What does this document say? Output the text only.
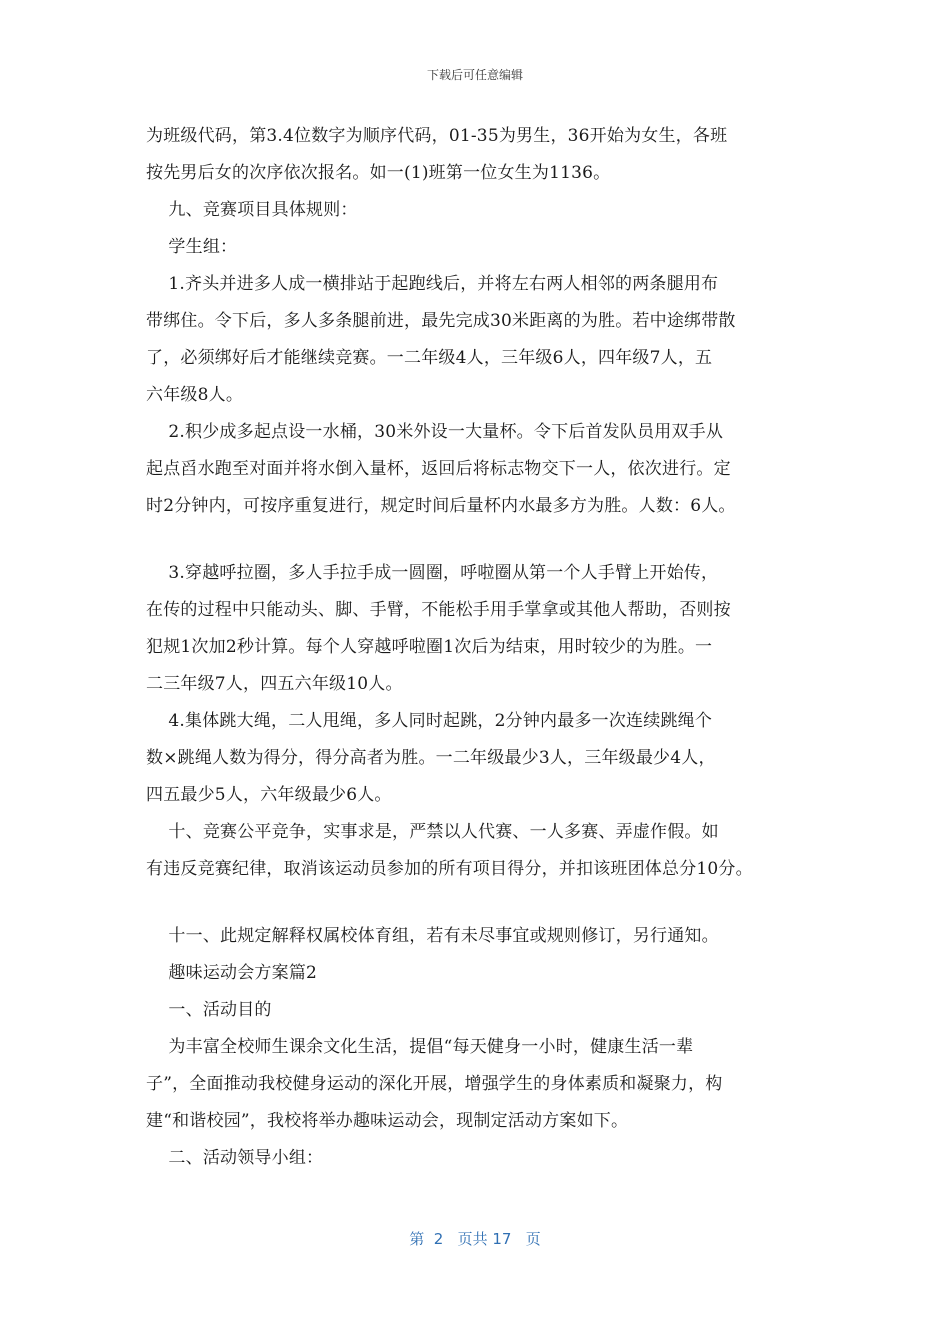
下载后可任意编辑

为班级代码，第3.4位数字为顺序代码，01-35为男生，36开始为女生，各班

按先男后女的次序依次报名。如一(1)班第一位女生为1136。

九、竞赛项目具体规则：

学生组：

1.齐头并进多人成一横排站于起跑线后，并将左右两人相邻的两条腿用布

带绑住。令下后，多人多条腿前进，最先完成30米距离的为胜。若中途绑带散

了，必须绑好后才能继续竞赛。一二年级4人，三年级6人，四年级7人，五

六年级8人。

2.积少成多起点设一水桶，30米外设一大量杯。令下后首发队员用双手从

起点舀水跑至对面并将水倒入量杯，返回后将标志物交下一人，依次进行。定

时2分钟内，可按序重复进行，规定时间后量杯内水最多方为胜。人数：6人。

3.穿越呼拉圈，多人手拉手成一圆圈，呼啦圈从第一个人手臂上开始传，

在传的过程中只能动头、脚、手臂，不能松手用手掌拿或其他人帮助，否则按

犯规1次加2秒计算。每个人穿越呼啦圈1次后为结束，用时较少的为胜。一

二三年级7人，四五六年级10人。

4.集体跳大绳，二人甩绳，多人同时起跳，2分钟内最多一次连续跳绳个

数×跳绳人数为得分，得分高者为胜。一二年级最少3人，三年级最少4人，

四五最少5人，六年级最少6人。

十、竞赛公平竞争，实事求是，严禁以人代赛、一人多赛、弄虚作假。如

有违反竞赛纪律，取消该运动员参加的所有项目得分，并扣该班团体总分10分。

十一、此规定解释权属校体育组，若有未尽事宜或规则修订，另行通知。

趣味运动会方案篇2

一、活动目的

为丰富全校师生课余文化生活，提倡“每天健身一小时，健康生活一辈

子”，全面推动我校健身运动的深化开展，增强学生的身体素质和凝聚力，构

建“和谐校园”，我校将举办趣味运动会，现制定活动方案如下。

二、活动领导小组：

第  2   页共 17   页
